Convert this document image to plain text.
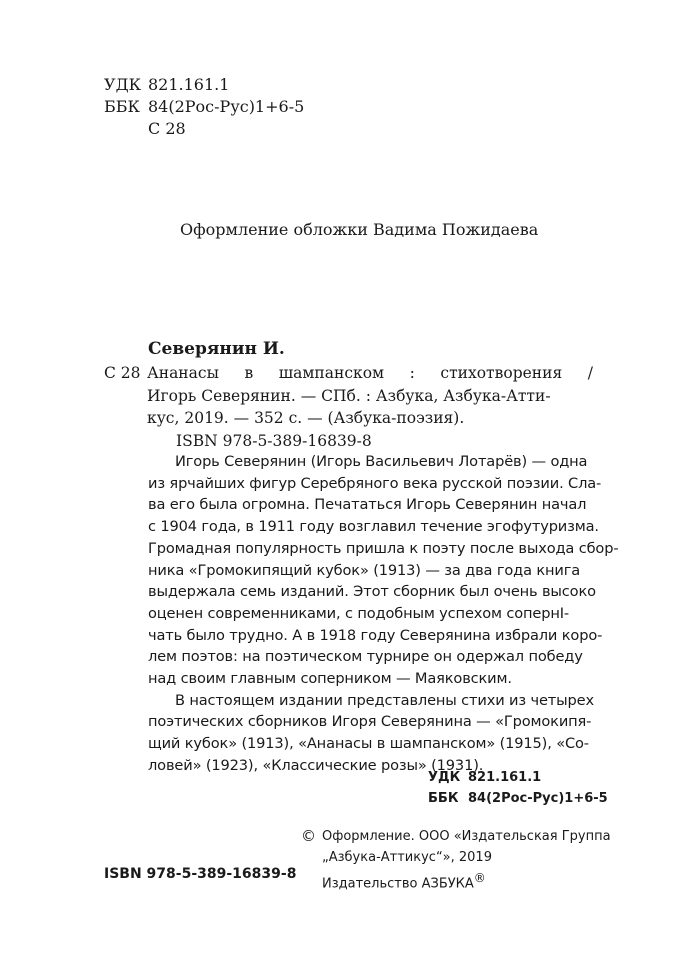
УДК 821.161.1
ББК 84(2Рос-Рус)1+6-5
С 28
Оформление обложки Вадима Пожидаева
Северянин И.
С 28 Ананасы в шампанском : стихотворения /
Игорь Северянин. — СПб. : Азбука, Азбука-Атти-
кус, 2019. — 352 с. — (Азбука-поэзия).
ISBN 978-5-389-16839-8
Игорь Северянин (Игорь Васильевич Лотарёв) — одна
из ярчайших фигур Серебряного века русской поэзии. Сла-
ва его была огромна. Печататься Игорь Северянин начал
с 1904 года, в 1911 году возглавил течение эгофутуризма.
Громадная популярность пришла к поэту после выхода сбор-
ника «Громокипящий кубок» (1913) — за два года книга
выдержала семь изданий. Этот сборник был очень высоко
оценен современниками, с подобным успехом сопернI-
чать было трудно. А в 1918 году Северянина избрали коро-
лем поэтов: на поэтическом турнире он одержал победу
над своим главным соперником — Маяковским.
В настоящем издании представлены стихи из четырех
поэтических сборников Игоря Северянина — «Громокипя-
щий кубок» (1913), «Ананасы в шампанском» (1915), «Со-
ловей» (1923), «Классические розы» (1931).
УДК 821.161.1
ББК 84(2Рос-Рус)1+6-5
© Оформление. ООО «Издательская Группа
„Азбука-Аттикус“», 2019
Издательство АЗБУКА®
ISBN 978-5-389-16839-8
